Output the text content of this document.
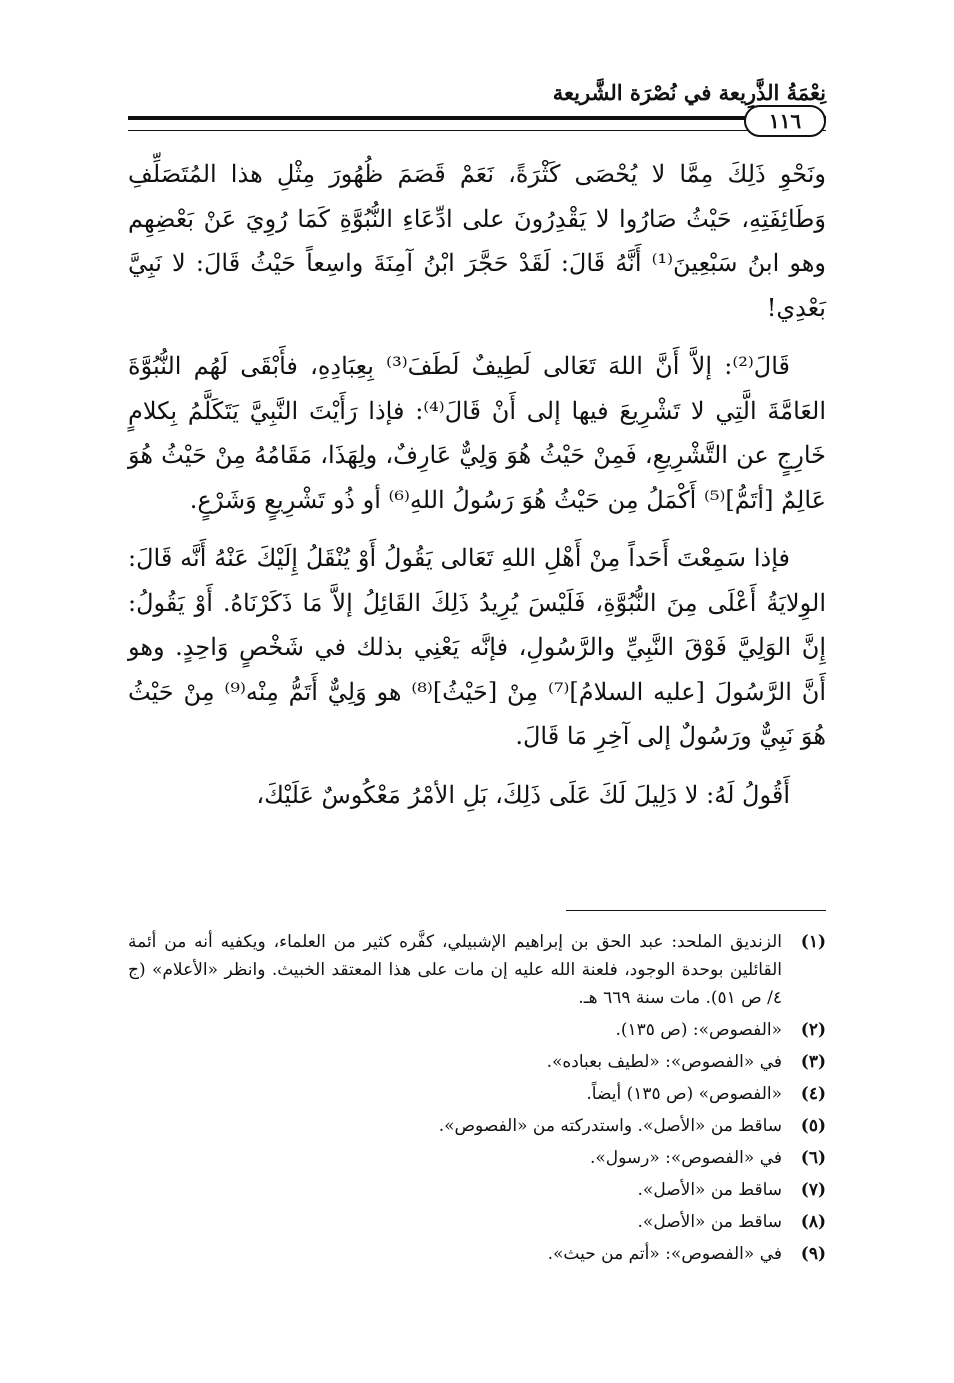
نِعْمَةُ الذَّرِيعة في نُصْرَة الشَّريعة
١١٦

ونَحْوِ ذَلِكَ مِمَّا لا يُحْصَى كَثْرَةً، نَعَمْ قَصَمَ ظُهُورَ مِثْلِ هذا المُتَصَلِّفِ وَطَائِفَتِهِ، حَيْثُ صَارُوا لا يَقْدِرُونَ على ادِّعَاءِ النُّبُوَّةِ كَمَا رُوِيَ عَنْ بَعْضِهِم وهو ابنُ سَبْعِينَ⁽¹⁾ أَنَّهُ قَالَ: لَقَدْ حَجَّرَ ابْنُ آمِنَةَ واسِعاً حَيْثُ قَالَ: لا نَبِيَّ بَعْدِي!

قَالَ⁽²⁾: إلاَّ أَنَّ اللهَ تَعَالى لَطِيفٌ لَطَفَ⁽³⁾ بِعِبَادِهِ، فأَبْقَى لَهُم النُّبُوَّةَ العَامَّةَ الَّتِي لا تَشْرِيعَ فيها إلى أَنْ قَالَ⁽⁴⁾: فإذا رَأَيْتَ النَّبِيَّ يَتَكَلَّمُ بِكلامٍ خَارِجٍ عن التَّشْرِيعِ، فَمِنْ حَيْثُ هُوَ وَلِيٌّ عَارِفٌ، ولِهَذَا، مَقَامُهُ مِنْ حَيْثُ هُوَ عَالِمٌ [أتَمُّ]⁽⁵⁾ أَكْمَلُ مِن حَيْثُ هُوَ رَسُولُ اللهِ⁽⁶⁾ أو ذُو تَشْرِيعٍ وَشَرْعٍ.

فإذا سَمِعْتَ أَحَداً مِنْ أَهْلِ اللهِ تَعَالى يَقُولُ أَوْ يُنْقَلُ إِلَيْكَ عَنْهُ أَنَّه قَالَ: الوِلايَةُ أَعْلَى مِنَ النُّبُوَّةِ، فَلَيْسَ يُرِيدُ ذَلِكَ القَائِلُ إلاَّ مَا ذَكَرْنَاهُ. أَوْ يَقُولُ: إِنَّ الوَلِيَّ فَوْقَ النَّبِيِّ والرَّسُولِ، فإنَّه يَعْنِي بذلك في شَخْصٍ وَاحِدٍ. وهو أَنَّ الرَّسُولَ [عليه السلامُ]⁽⁷⁾ مِنْ [حَيْثُ]⁽⁸⁾ هو وَلِيٌّ أَتَمُّ مِنْه⁽⁹⁾ مِنْ حَيْثُ هُوَ نَبِيٌّ ورَسُولٌ إلى آخِرِ مَا قَالَ.

أَقُولُ لَهُ: لا دَلِيلَ لَكَ عَلَى ذَلِكَ، بَلِ الأمْرُ مَعْكُوسٌ عَلَيْكَ،

(١)
الزنديق الملحد: عبد الحق بن إبراهيم الإشبيلي، كفَّره كثير من العلماء، ويكفيه أنه من أئمة القائلين بوحدة الوجود، فلعنة الله عليه إن مات على هذا المعتقد الخبيث. وانظر «الأعلام» (ج ٤/ ص ٥١). مات سنة ٦٦٩ هـ.
(٢)
«الفصوص»: (ص ١٣٥).
(٣)
في «الفصوص»: «لطيف بعباده».
(٤)
«الفصوص» (ص ١٣٥) أيضاً.
(٥)
ساقط من «الأصل». واستدركته من «الفصوص».
(٦)
في «الفصوص»: «رسول».
(٧)
ساقط من «الأصل».
(٨)
ساقط من «الأصل».
(٩)
في «الفصوص»: «أتم من حيث».
